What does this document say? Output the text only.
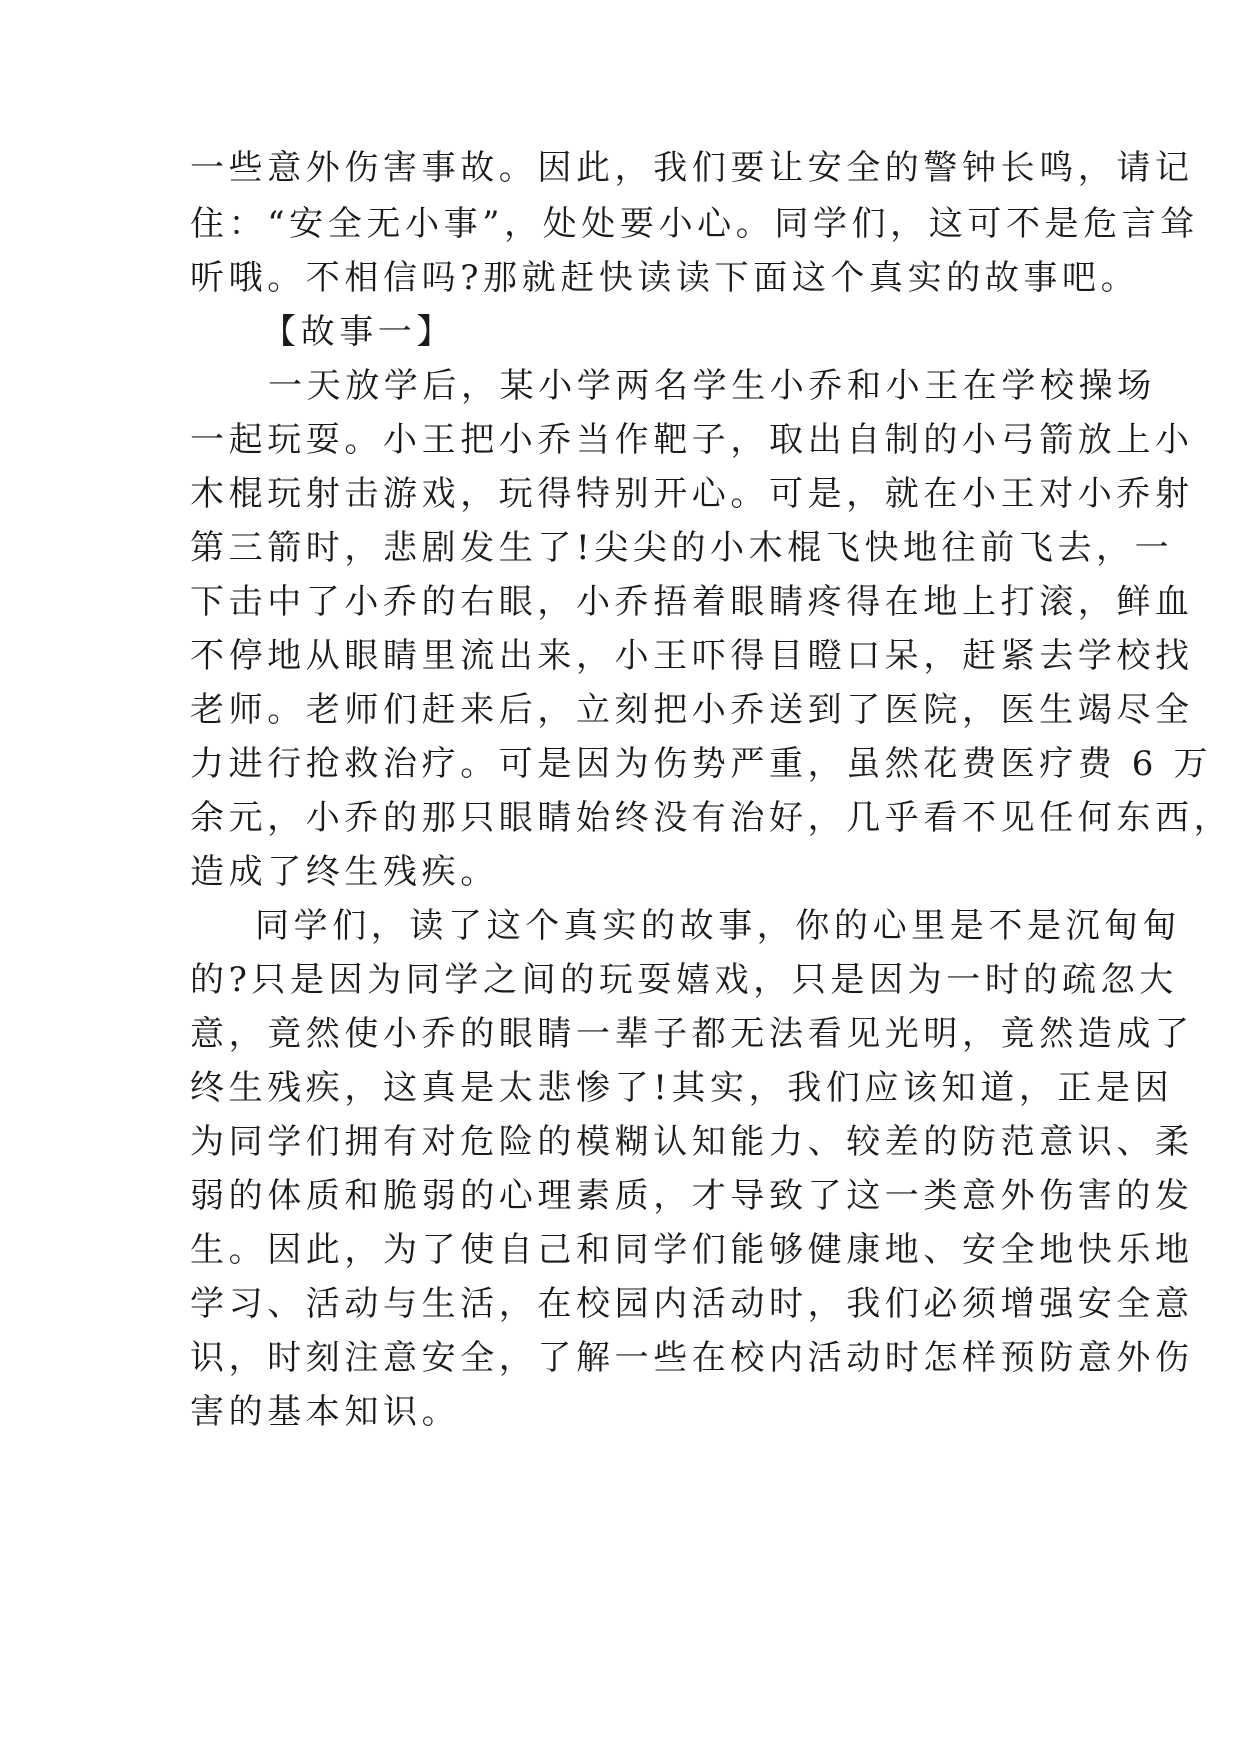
一些意外伤害事故。因此，我们要让安全的警钟长鸣，请记
住：“安全无小事”，处处要小心。同学们，这可不是危言耸
听哦。不相信吗?那就赶快读读下面这个真实的故事吧。
【故事一】
一天放学后，某小学两名学生小乔和小王在学校操场
一起玩耍。小王把小乔当作靶子，取出自制的小弓箭放上小
木棍玩射击游戏，玩得特别开心。可是，就在小王对小乔射
第三箭时，悲剧发生了!尖尖的小木棍飞快地往前飞去，一
下击中了小乔的右眼，小乔捂着眼睛疼得在地上打滚，鲜血
不停地从眼睛里流出来，小王吓得目瞪口呆，赶紧去学校找
老师。老师们赶来后，立刻把小乔送到了医院，医生竭尽全
力进行抢救治疗。可是因为伤势严重，虽然花费医疗费 6 万
余元，小乔的那只眼睛始终没有治好，几乎看不见任何东西，
造成了终生残疾。
同学们，读了这个真实的故事，你的心里是不是沉甸甸
的?只是因为同学之间的玩耍嬉戏，只是因为一时的疏忽大
意，竟然使小乔的眼睛一辈子都无法看见光明，竟然造成了
终生残疾，这真是太悲惨了!其实，我们应该知道，正是因
为同学们拥有对危险的模糊认知能力、较差的防范意识、柔
弱的体质和脆弱的心理素质，才导致了这一类意外伤害的发
生。因此，为了使自己和同学们能够健康地、安全地快乐地
学习、活动与生活，在校园内活动时，我们必须增强安全意
识，时刻注意安全，了解一些在校内活动时怎样预防意外伤
害的基本知识。
